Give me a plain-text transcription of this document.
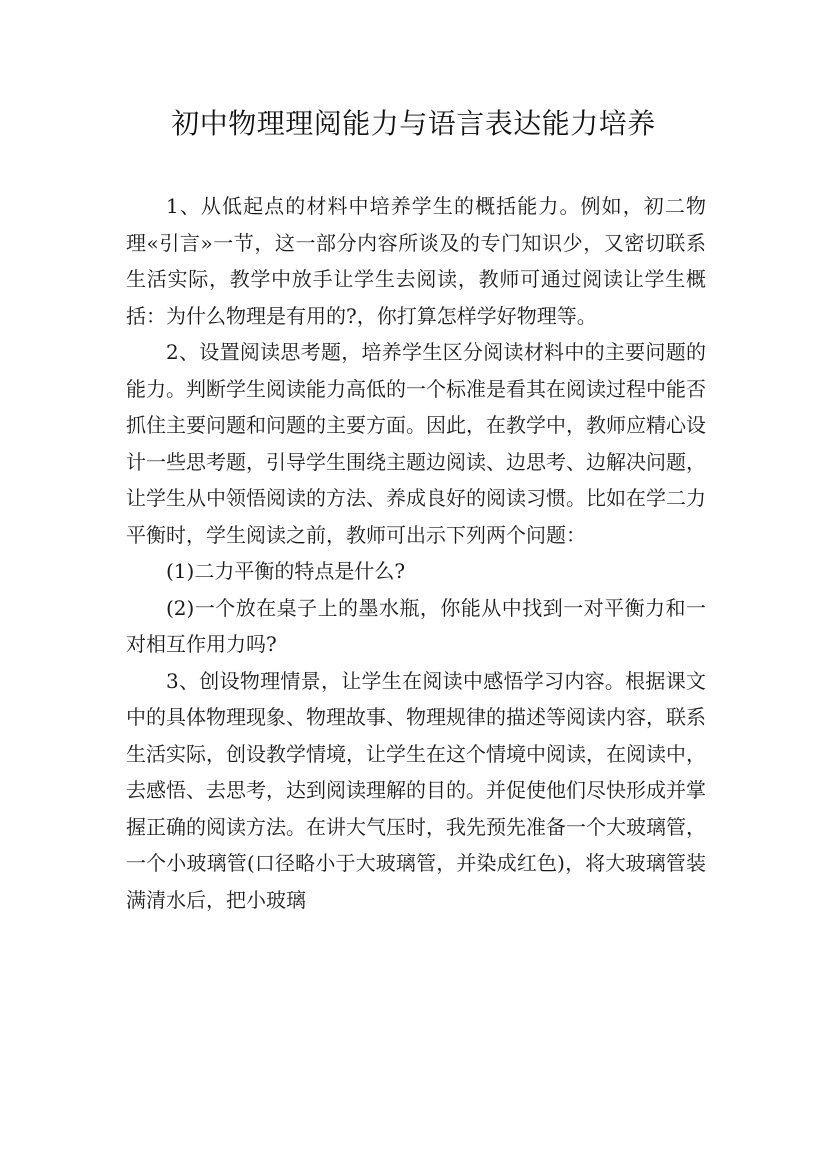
初中物理理阅能力与语言表达能力培养

1、从低起点的材料中培养学生的概括能力。例如，初二物理«引言»一节，这一部分内容所谈及的专门知识少，又密切联系生活实际，教学中放手让学生去阅读，教师可通过阅读让学生概括：为什么物理是有用的?，你打算怎样学好物理等。

2、设置阅读思考题，培养学生区分阅读材料中的主要问题的能力。判断学生阅读能力高低的一个标准是看其在阅读过程中能否抓住主要问题和问题的主要方面。因此，在教学中，教师应精心设计一些思考题，引导学生围绕主题边阅读、边思考、边解决问题，让学生从中领悟阅读的方法、养成良好的阅读习惯。比如在学二力平衡时，学生阅读之前，教师可出示下列两个问题：

(1)二力平衡的特点是什么?

(2)一个放在桌子上的墨水瓶，你能从中找到一对平衡力和一对相互作用力吗?

3、创设物理情景，让学生在阅读中感悟学习内容。根据课文中的具体物理现象、物理故事、物理规律的描述等阅读内容，联系生活实际，创设教学情境，让学生在这个情境中阅读，在阅读中，去感悟、去思考，达到阅读理解的目的。并促使他们尽快形成并掌握正确的阅读方法。在讲大气压时，我先预先准备一个大玻璃管，一个小玻璃管(口径略小于大玻璃管，并染成红色)，将大玻璃管装满清水后，把小玻璃
